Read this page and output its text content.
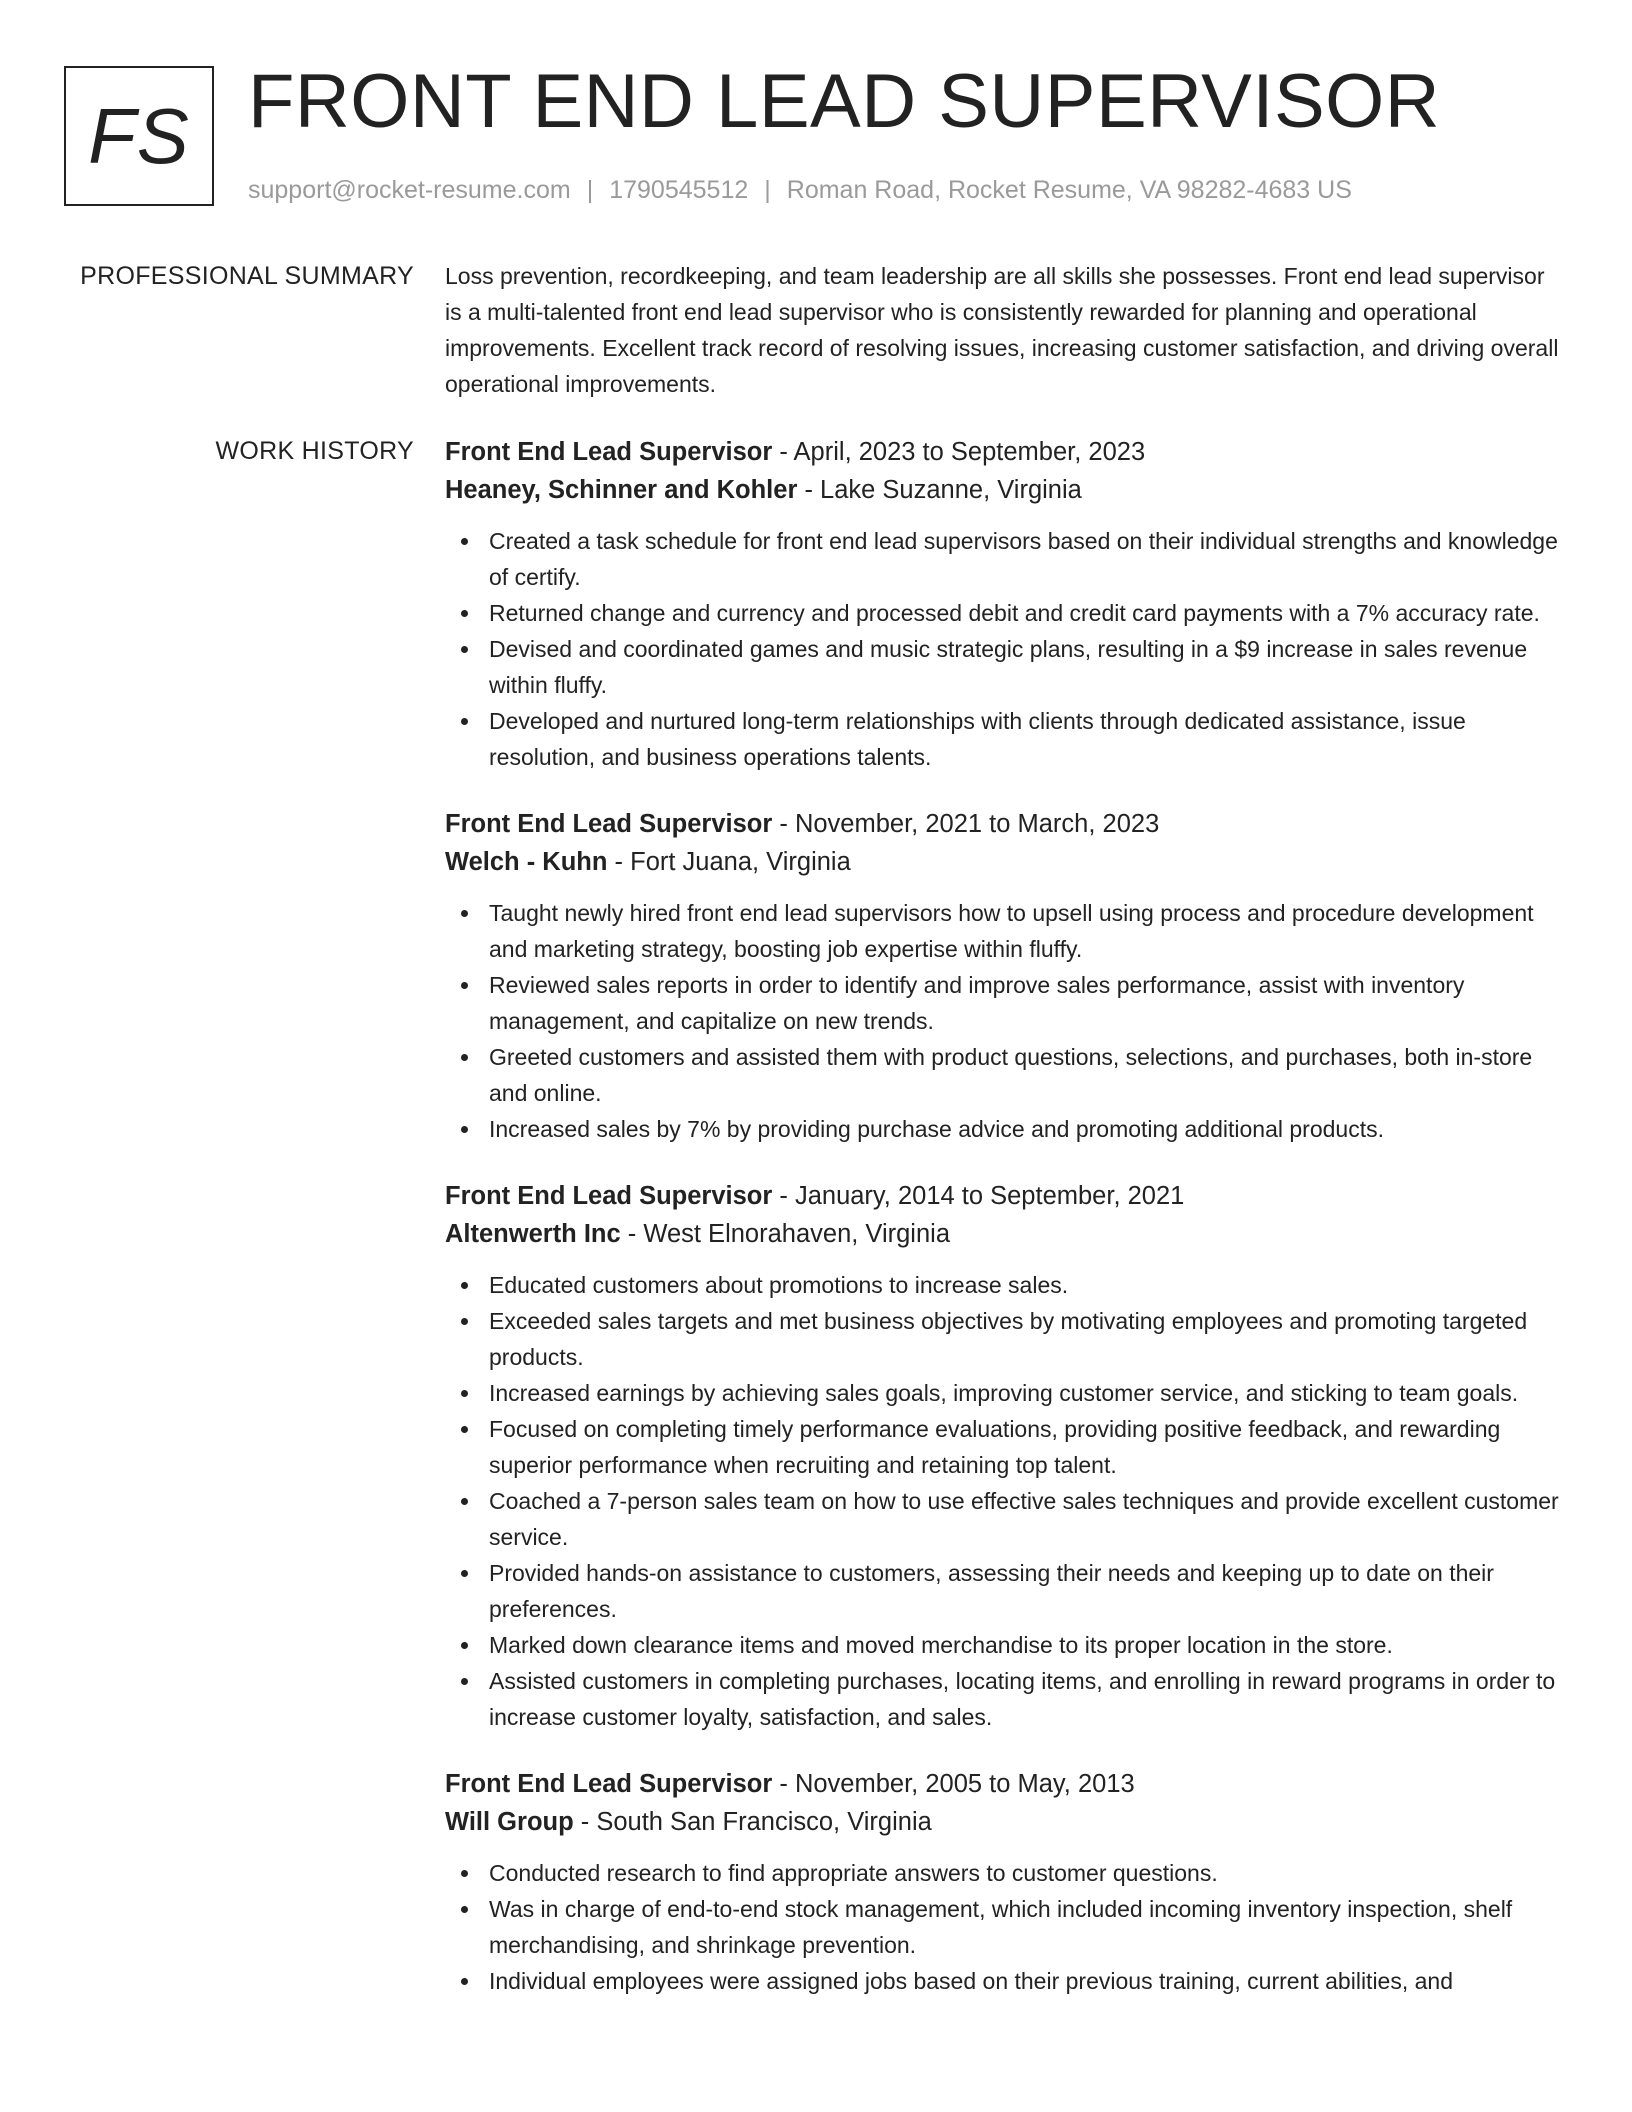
FS FRONT END LEAD SUPERVISOR
support@rocket-resume.com | 1790545512 | Roman Road, Rocket Resume, VA 98282-4683 US
PROFESSIONAL SUMMARY Loss prevention, recordkeeping, and team leadership are all skills she possesses. Front end lead supervisor is a multi-talented front end lead supervisor who is consistently rewarded for planning and operational improvements. Excellent track record of resolving issues, increasing customer satisfaction, and driving overall operational improvements.

WORK HISTORY Front End Lead Supervisor - April, 2023 to September, 2023
Heaney, Schinner and Kohler - Lake Suzanne, Virginia
Created a task schedule for front end lead supervisors based on their individual strengths and knowledge of certify.
Returned change and currency and processed debit and credit card payments with a 7% accuracy rate.
Devised and coordinated games and music strategic plans, resulting in a $9 increase in sales revenue within fluffy.
Developed and nurtured long-term relationships with clients through dedicated assistance, issue resolution, and business operations talents.
Front End Lead Supervisor - November, 2021 to March, 2023
Welch - Kuhn - Fort Juana, Virginia
Taught newly hired front end lead supervisors how to upsell using process and procedure development and marketing strategy, boosting job expertise within fluffy.
Reviewed sales reports in order to identify and improve sales performance, assist with inventory management, and capitalize on new trends.
Greeted customers and assisted them with product questions, selections, and purchases, both in-store and online.
Increased sales by 7% by providing purchase advice and promoting additional products.
Front End Lead Supervisor - January, 2014 to September, 2021
Altenwerth Inc - West Elnorahaven, Virginia
Educated customers about promotions to increase sales.
Exceeded sales targets and met business objectives by motivating employees and promoting targeted products.
Increased earnings by achieving sales goals, improving customer service, and sticking to team goals.
Focused on completing timely performance evaluations, providing positive feedback, and rewarding superior performance when recruiting and retaining top talent.
Coached a 7-person sales team on how to use effective sales techniques and provide excellent customer service.
Provided hands-on assistance to customers, assessing their needs and keeping up to date on their preferences.
Marked down clearance items and moved merchandise to its proper location in the store.
Assisted customers in completing purchases, locating items, and enrolling in reward programs in order to increase customer loyalty, satisfaction, and sales.
Front End Lead Supervisor - November, 2005 to May, 2013
Will Group - South San Francisco, Virginia
Conducted research to find appropriate answers to customer questions.
Was in charge of end-to-end stock management, which included incoming inventory inspection, shelf merchandising, and shrinkage prevention.
Individual employees were assigned jobs based on their previous training, current abilities, and
